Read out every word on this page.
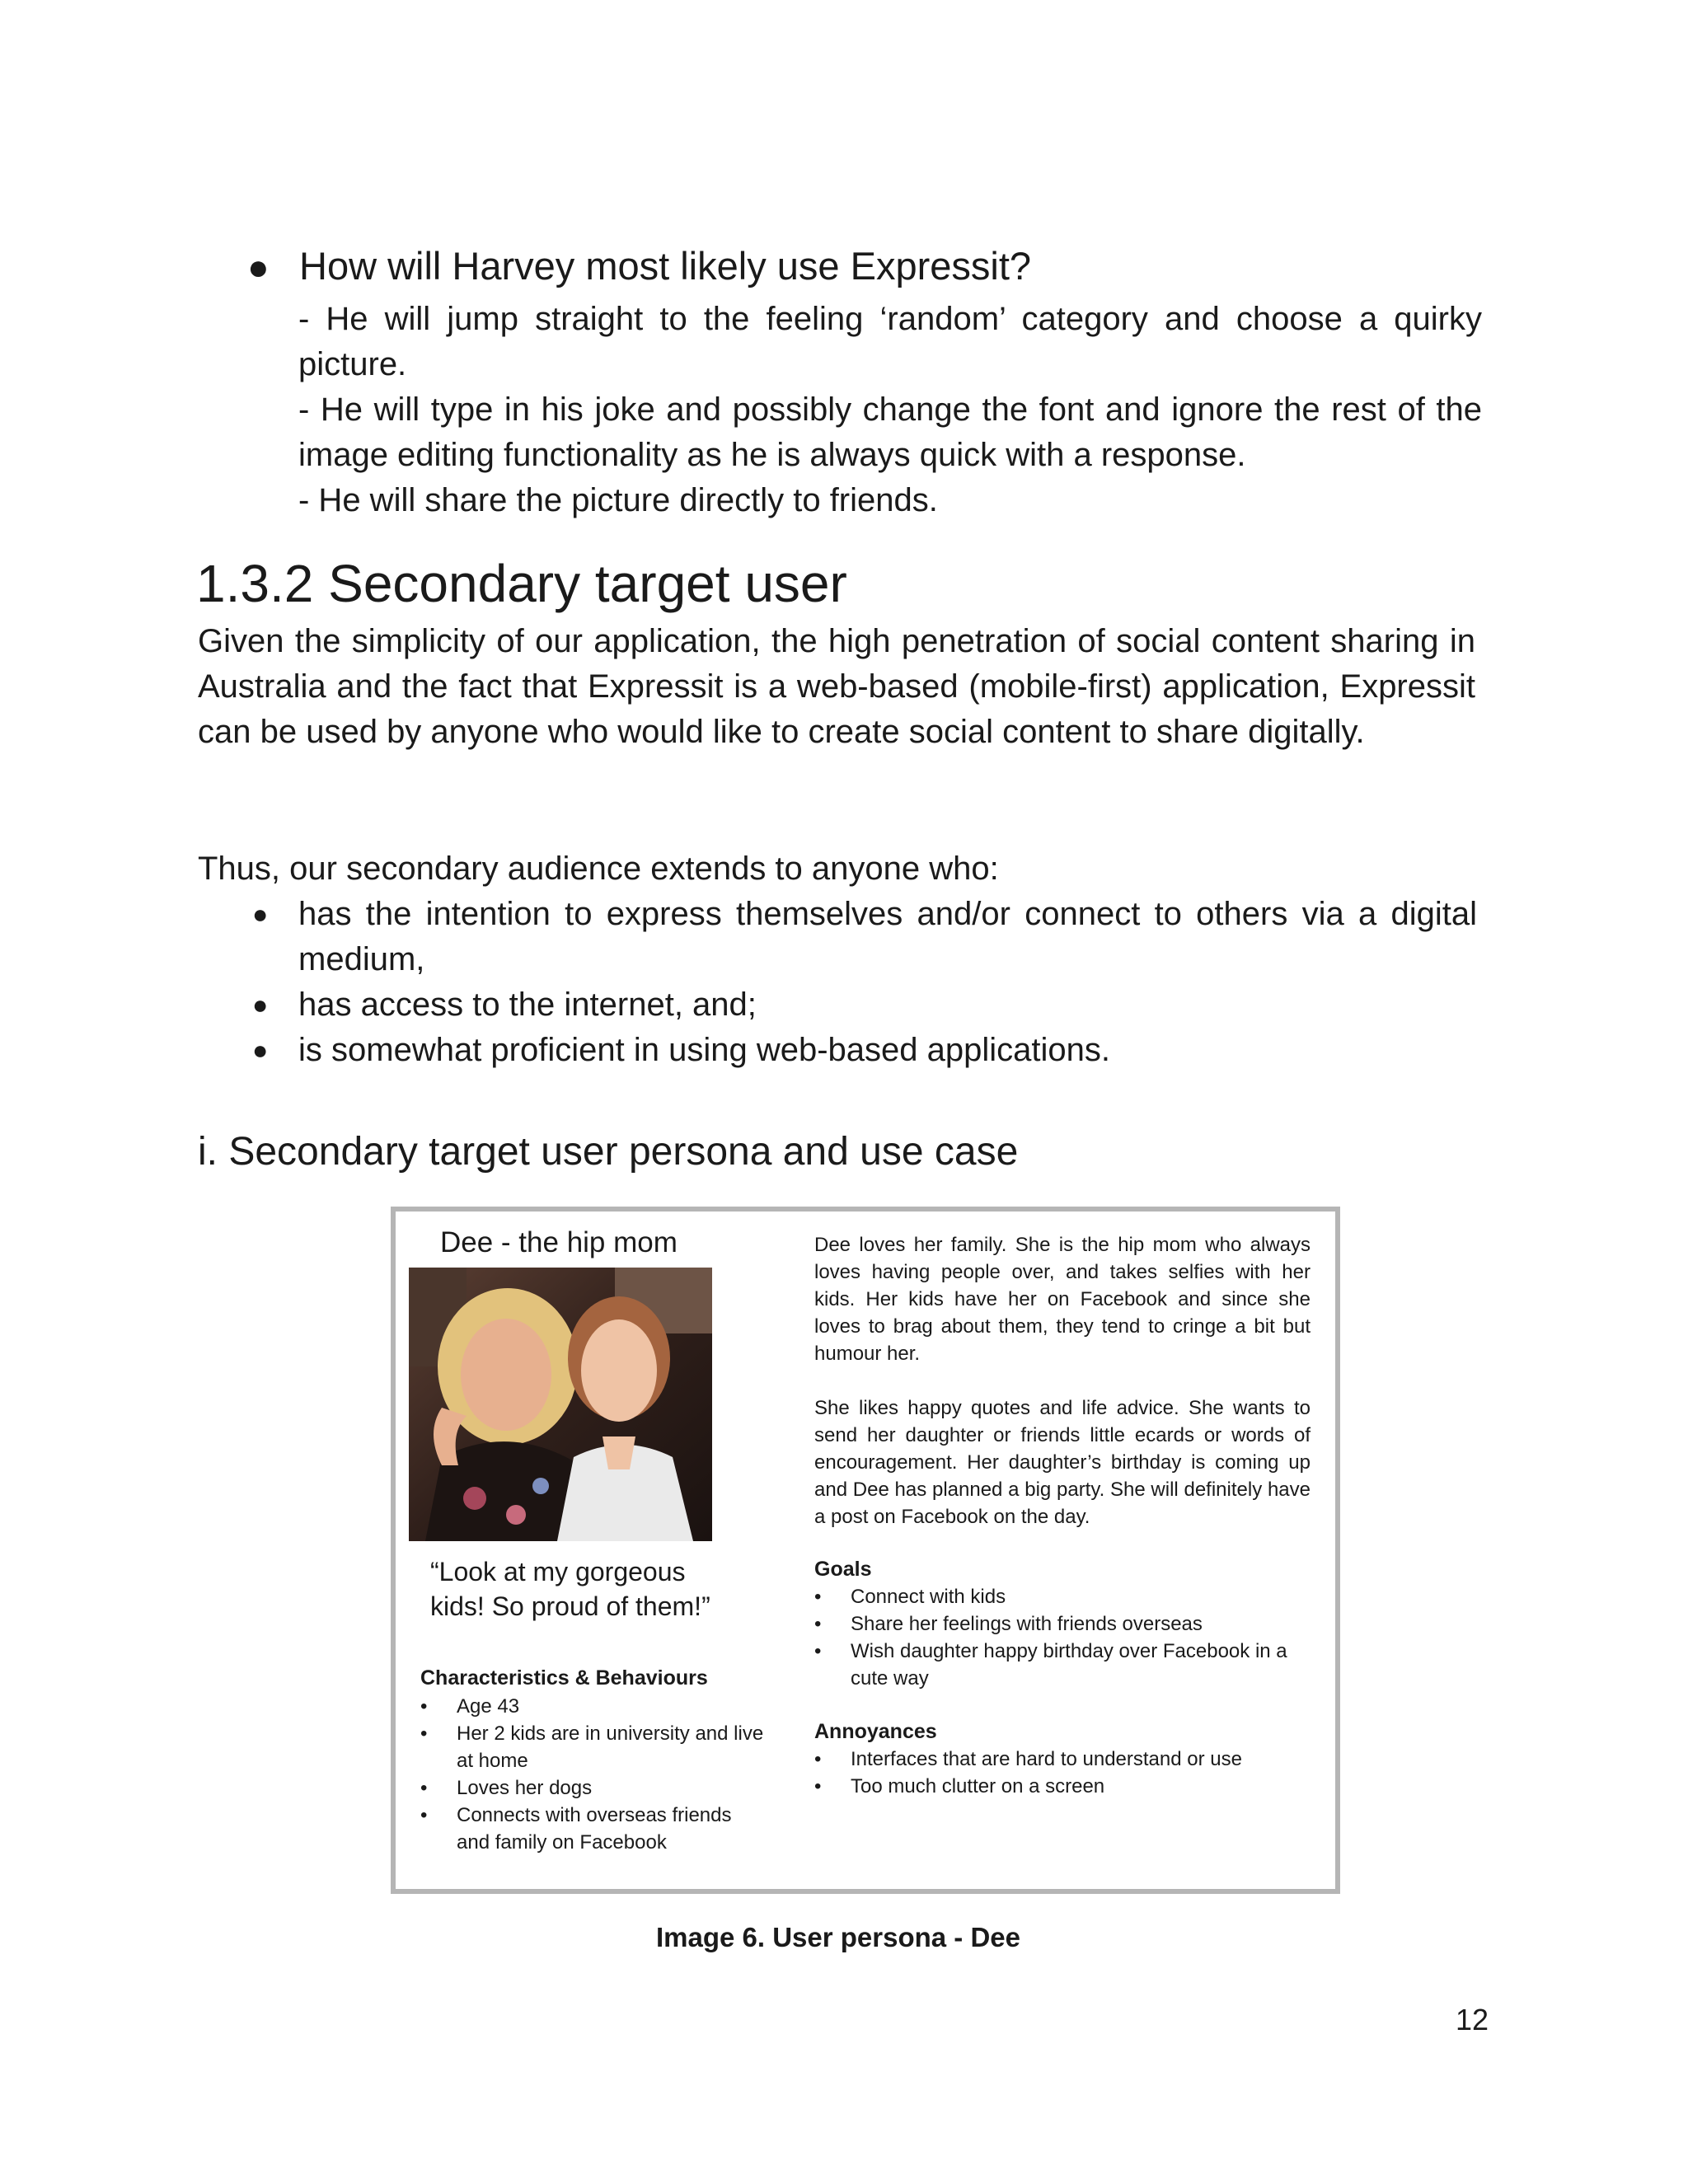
● How will Harvey most likely use Expressit?

- He will jump straight to the feeling ‘random’ category and choose a quirky picture.

- He will type in his joke and possibly change the font and ignore the rest of the image editing functionality as he is always quick with a response.

- He will share the picture directly to friends.

1.3.2 Secondary target user

Given the simplicity of our application, the high penetration of social content sharing in Australia and the fact that Expressit is a web-based (mobile-first) application, Expressit can be used by anyone who would like to create social content to share digitally.

Thus, our secondary audience extends to anyone who:

● has the intention to express themselves and/or connect to others via a digital medium,
● has access to the internet, and;
● is somewhat proficient in using web-based applications.
i. Secondary target user persona and use case
Dee - the hip mom
“Look at my gorgeous kids! So proud of them!”
Characteristics & Behaviours
• Age 43
• Her 2 kids are in university and live at home
• Loves her dogs
• Connects with overseas friends and family on Facebook

Dee loves her family. She is the hip mom who always loves having people over, and takes selfies with her kids. Her kids have her on Facebook and since she loves to brag about them, they tend to cringe a bit but humour her.

She likes happy quotes and life advice. She wants to send her daughter or friends little ecards or words of encouragement. Her daughter’s birthday is coming up and Dee has planned a big party. She will definitely have a post on Facebook on the day.

Goals
• Connect with kids
• Share her feelings with friends overseas
• Wish daughter happy birthday over Facebook in a cute way
Annoyances
• Interfaces that are hard to understand or use
• Too much clutter on a screen
Image 6. User persona - Dee
12
